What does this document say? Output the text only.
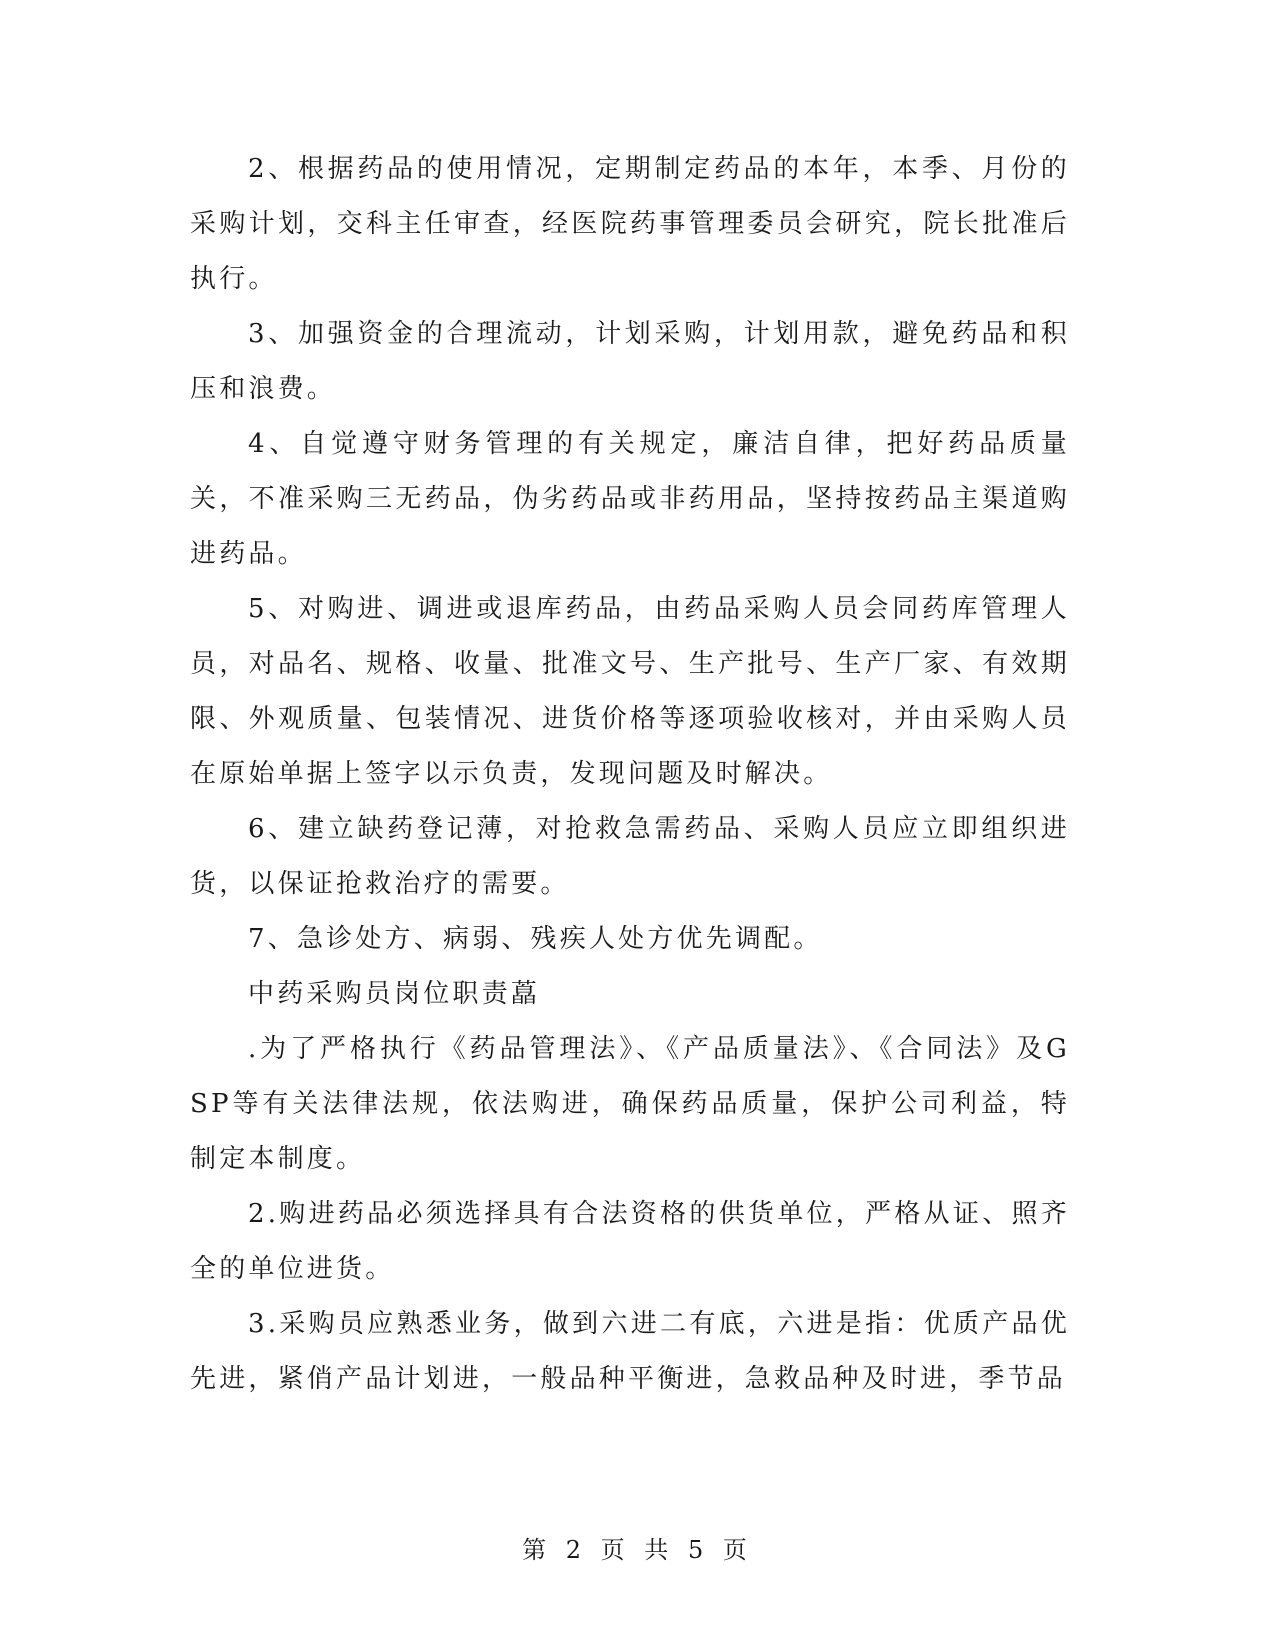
2、根据药品的使用情况，定期制定药品的本年，本季、月份的采购计划，交科主任审查，经医院药事管理委员会研究，院长批准后执行。

3、加强资金的合理流动，计划采购，计划用款，避免药品和积压和浪费。

4、自觉遵守财务管理的有关规定，廉洁自律，把好药品质量关，不准采购三无药品，伪劣药品或非药用品，坚持按药品主渠道购进药品。

5、对购进、调进或退库药品，由药品采购人员会同药库管理人员，对品名、规格、收量、批准文号、生产批号、生产厂家、有效期限、外观质量、包装情况、进货价格等逐项验收核对，并由采购人员在原始单据上签字以示负责，发现问题及时解决。

6、建立缺药登记薄，对抢救急需药品、采购人员应立即组织进货，以保证抢救治疗的需要。

7、急诊处方、病弱、残疾人处方优先调配。

中药采购员岗位职责藠

.为了严格执行《药品管理法》、《产品质量法》、《合同法》及GSP等有关法律法规，依法购进，确保药品质量，保护公司利益，特制定本制度。

2.购进药品必须选择具有合法资格的供货单位，严格从证、照齐全的单位进货。

3.采购员应熟悉业务，做到六进二有底，六进是指：优质产品优先进，紧俏产品计划进，一般品种平衡进，急救品种及时进，季节品

第 2 页 共 5 页
